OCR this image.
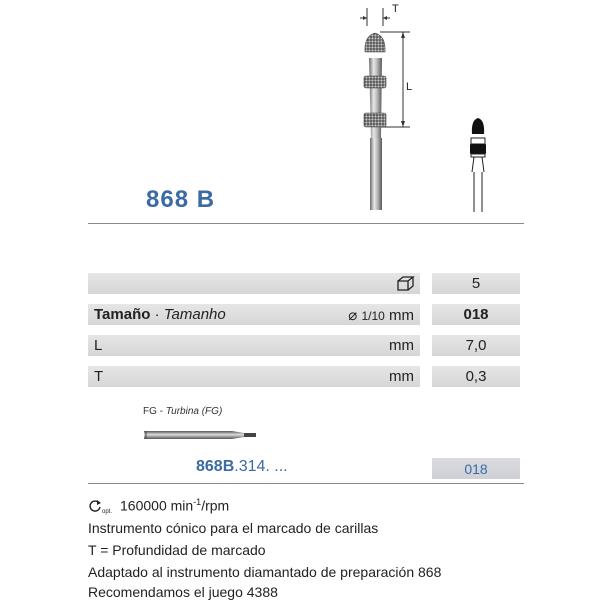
T
L
868 B
5
Tamaño · Tamanho	⌀ 1/10 mm	018
L	mm	7,0
T	mm	0,3
FG - Turbina (FG)
868B.314. ...	018
opt. 160000 $\min^{-1}$/rpm
Instrumento cónico para el marcado de carillas
T = Profundidad de marcado
Adaptado al instrumento diamantado de preparación 868
Recomendamos el juego 4388
